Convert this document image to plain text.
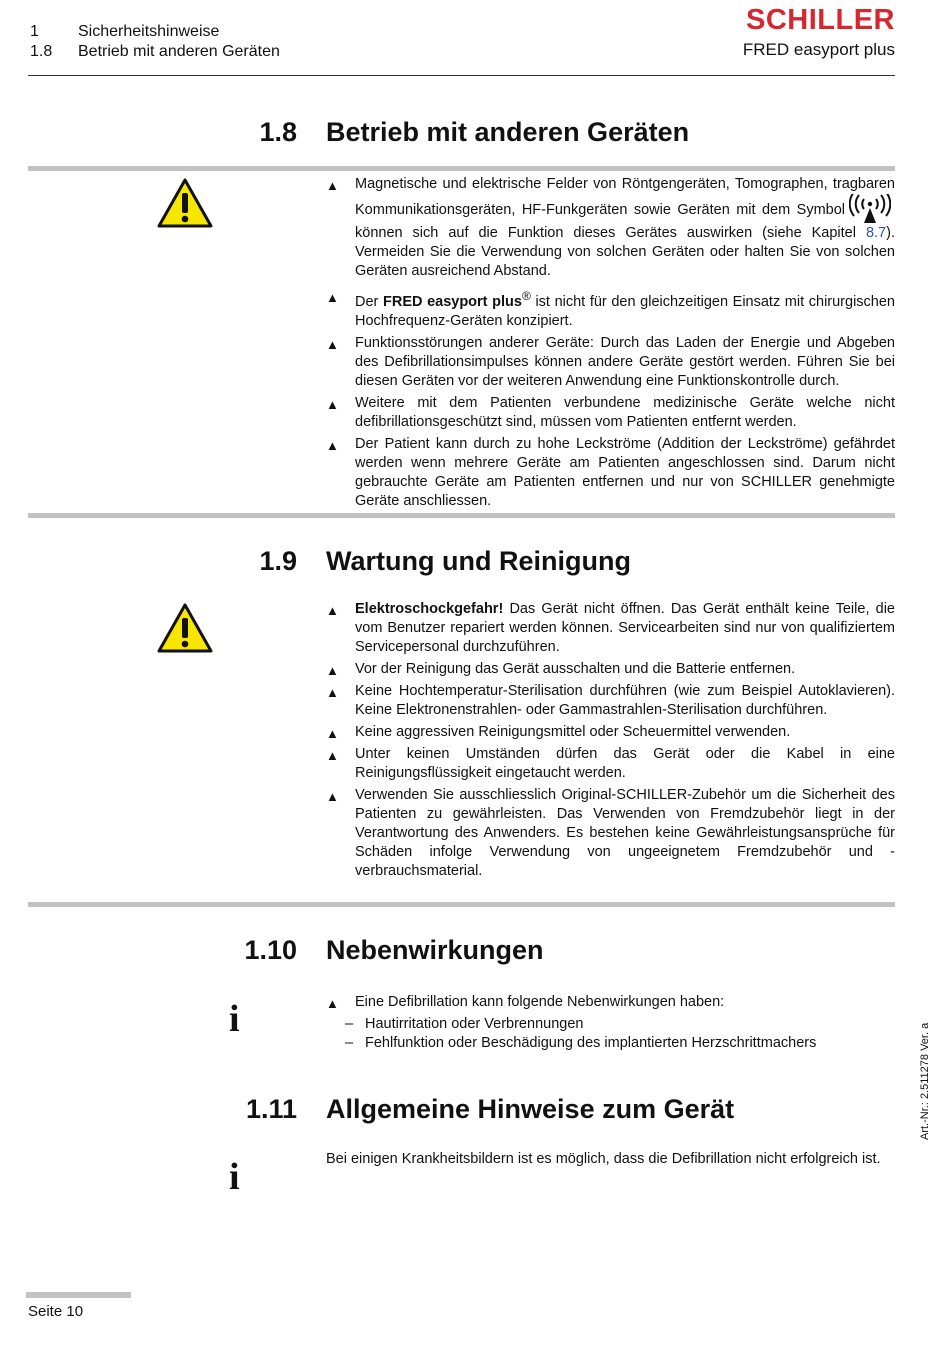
1	Sicherheitshinweise
1.8	Betrieb mit anderen Geräten
SCHILLER
FRED easyport plus
1.8 Betrieb mit anderen Geräten
▲ Magnetische und elektrische Felder von Röntgengeräten, Tomographen, tragbaren Kommunikationsgeräten, HF-Funkgeräten sowie Geräten mit dem Symbolkönnen sich auf die Funktion dieses Gerätes auswirken (siehe Kapitel 8.7). Vermeiden Sie die Verwendung von solchen Geräten oder halten Sie von solchen Geräten ausreichend Abstand.
▲ Der FRED easyport plus® ist nicht für den gleichzeitigen Einsatz mit chirurgischen Hochfrequenz-Geräten konzipiert.
▲ Funktionsstörungen anderer Geräte: Durch das Laden der Energie und Abgeben des Defibrillationsimpulses können andere Geräte gestört werden. Führen Sie bei diesen Geräten vor der weiteren Anwendung eine Funktionskontrolle durch.
▲ Weitere mit dem Patienten verbundene medizinische Geräte welche nicht defibrillationsgeschützt sind, müssen vom Patienten entfernt werden.
▲ Der Patient kann durch zu hohe Leckströme (Addition der Leckströme) gefährdet werden wenn mehrere Geräte am Patienten angeschlossen sind. Darum nicht gebrauchte Geräte am Patienten entfernen und nur von SCHILLER genehmigte Geräte anschliessen.
1.9 Wartung und Reinigung
▲ Elektroschockgefahr! Das Gerät nicht öffnen. Das Gerät enthält keine Teile, die vom Benutzer repariert werden können. Servicearbeiten sind nur von qualifiziertem Servicepersonal durchzuführen.
▲ Vor der Reinigung das Gerät ausschalten und die Batterie entfernen.
▲ Keine Hochtemperatur-Sterilisation durchführen (wie zum Beispiel Autoklavieren). Keine Elektronenstrahlen- oder Gammastrahlen-Sterilisation durchführen.
▲ Keine aggressiven Reinigungsmittel oder Scheuermittel verwenden.
▲ Unter keinen Umständen dürfen das Gerät oder die Kabel in eine Reinigungsflüssigkeit eingetaucht werden.
▲ Verwenden Sie ausschliesslich Original-SCHILLER-Zubehör um die Sicherheit des Patienten zu gewährleisten. Das Verwenden von Fremdzubehör liegt in der Verantwortung des Anwenders. Es bestehen keine Gewährleistungsansprüche für Schäden infolge Verwendung von ungeeignetem Fremdzubehör und -verbrauchsmaterial.
1.10 Nebenwirkungen
i	▲ Eine Defibrillation kann folgende Nebenwirkungen haben:
– Hautirritation oder Verbrennungen
– Fehlfunktion oder Beschädigung des implantierten Herzschrittmachers
1.11 Allgemeine Hinweise zum Gerät
i	Bei einigen Krankheitsbildern ist es möglich, dass die Defibrillation nicht erfolgreich ist.
Art.-Nr.: 2.511278 Ver. a
Seite 10
